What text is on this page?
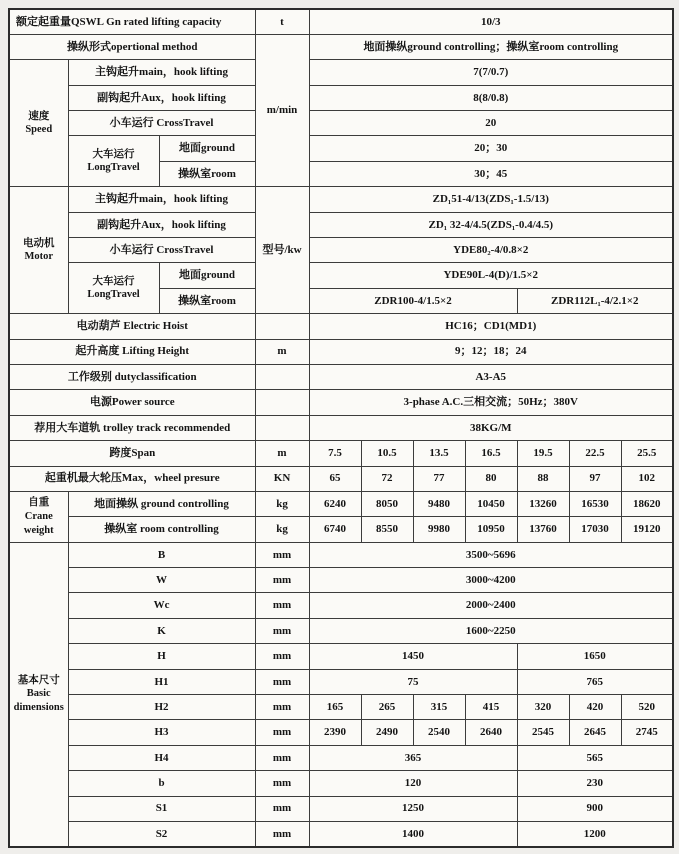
额定起重量QSWL Gn rated lifting capacity			t	10/3						
操纵形式opertional method			m/min	地面操纵ground controlling；操纵室room controlling						

速度
Speed	主钩起升main，hook lifting			7(7/0.7)						
	副钩起升Aux，hook lifting			8(8/0.8)						
	小车运行 CrossTravel			20						

	大车运行
LongTravel	地面ground		20；30						
		操纵室room		30；45						

电动机
Motor	主钩起升main，hook lifting		型号/kw	ZD₁51-4/13(ZDS₁-1.5/13)						
	副钩起升Aux，hook lifting			ZD₁ 32-4/4.5(ZDS₁-0.4/4.5)						
	小车运行 CrossTravel			YDE80₂-4/0.8×2						

	大车运行
LongTravel	地面ground		YDE90L-4(D)/1.5×2						
		操纵室room		ZDR100-4/1.5×2				ZDR112L₁-4/2.1×2		
电动葫芦 Electric Hoist				HC16；CD1(MD1)						
起升高度 Lifting Height			m	9；12；18；24						
工作级别 dutyclassification				A3-A5						
电源Power source				3-phase A.C.三相交流；50Hz；380V						
荐用大车道轨 trolley track recommended				38KG/M						
跨度Span			m	7.5	10.5	13.5	16.5	19.5	22.5	25.5
起重机最大轮压Max，wheel presure			KN	65	72	77	80	88	97	102

自重
Crane
weight	地面操纵 ground controlling		kg	6240	8050	9480	10450	13260	16530	18620
	操纵室 room controlling		kg	6740	8550	9980	10950	13760	17030	19120

基本尺寸
Basic
dimensions	B		mm	3500~5696						
	W		mm	3000~4200						
	Wc		mm	2000~2400						
	K		mm	1600~2250						
	H		mm	1450				1650		
	H1		mm	75				765		
	H2		mm	165	265	315	415	320	420	520
	H3		mm	2390	2490	2540	2640	2545	2645	2745
	H4		mm	365				565		
	b		mm	120				230		
	S1		mm	1250				900		
	S2		mm	1400				1200		
